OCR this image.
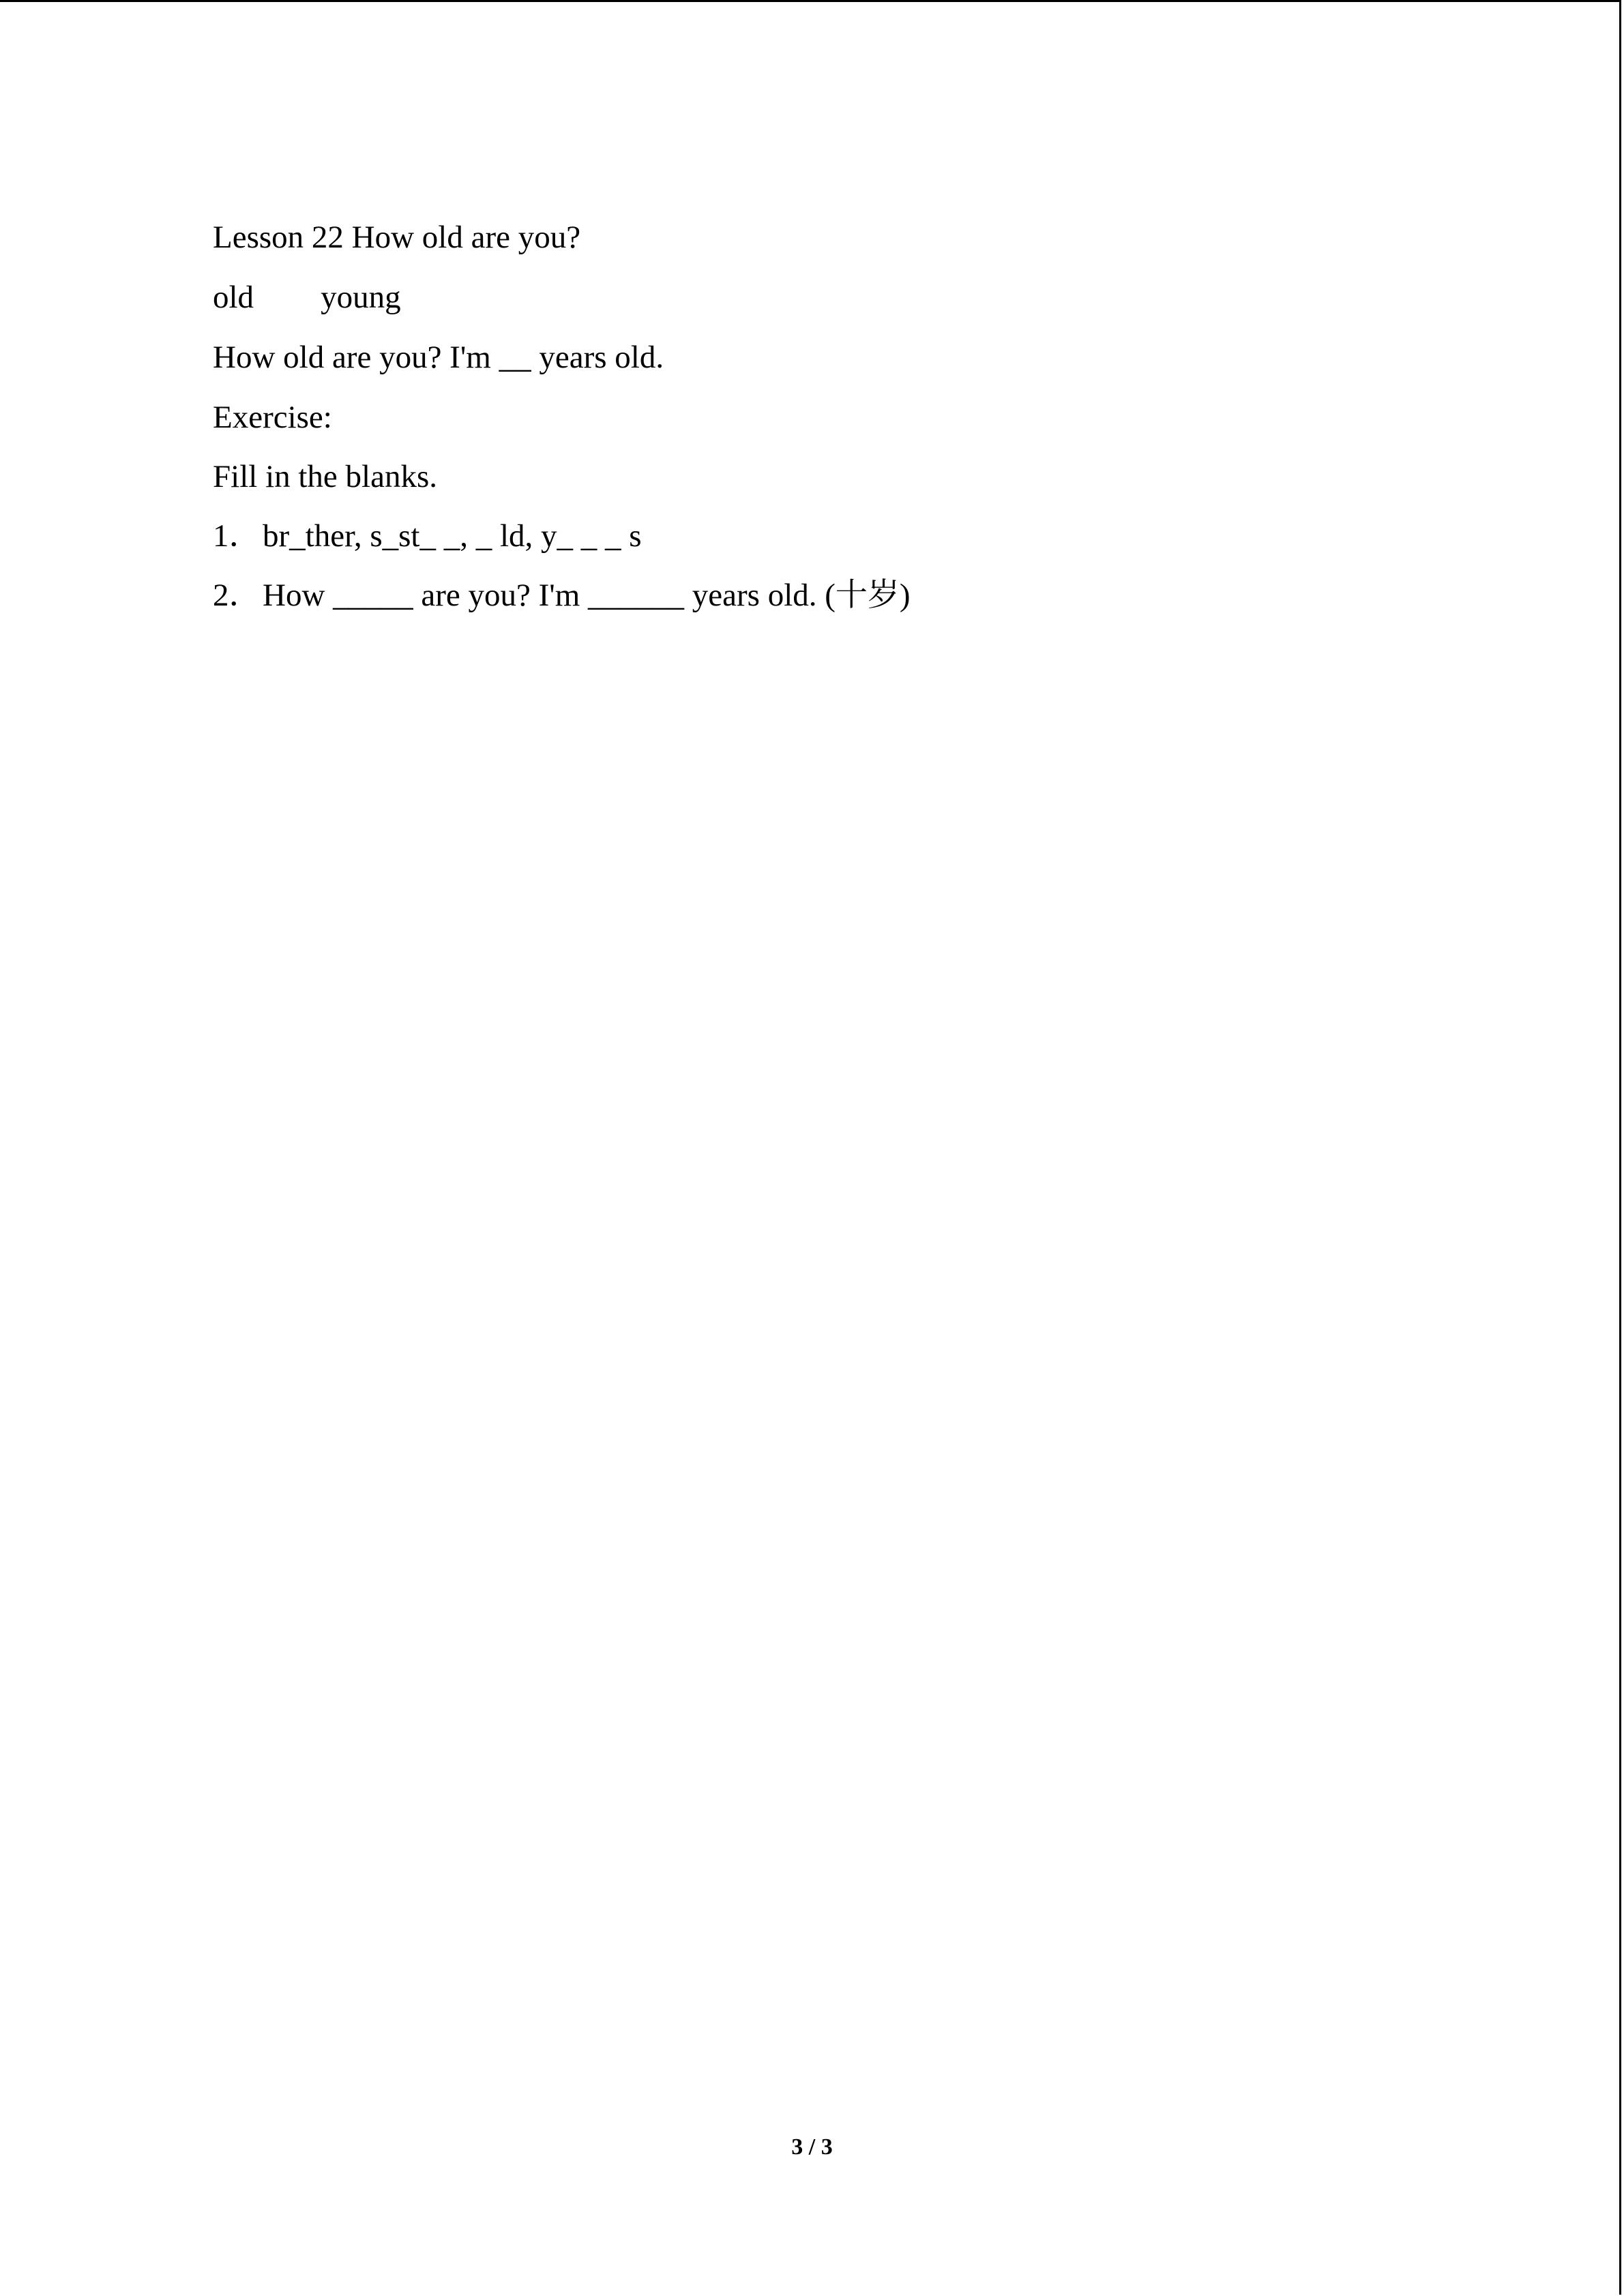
Lesson 22 How old are you?
old young
How old are you? I'm __ years old.
Exercise:
Fill in the blanks.
1．br_ther, s_st_ _, _ ld, y_ _ _ s
2．How _____ are you? I'm ______ years old. (十岁)
3 / 3
